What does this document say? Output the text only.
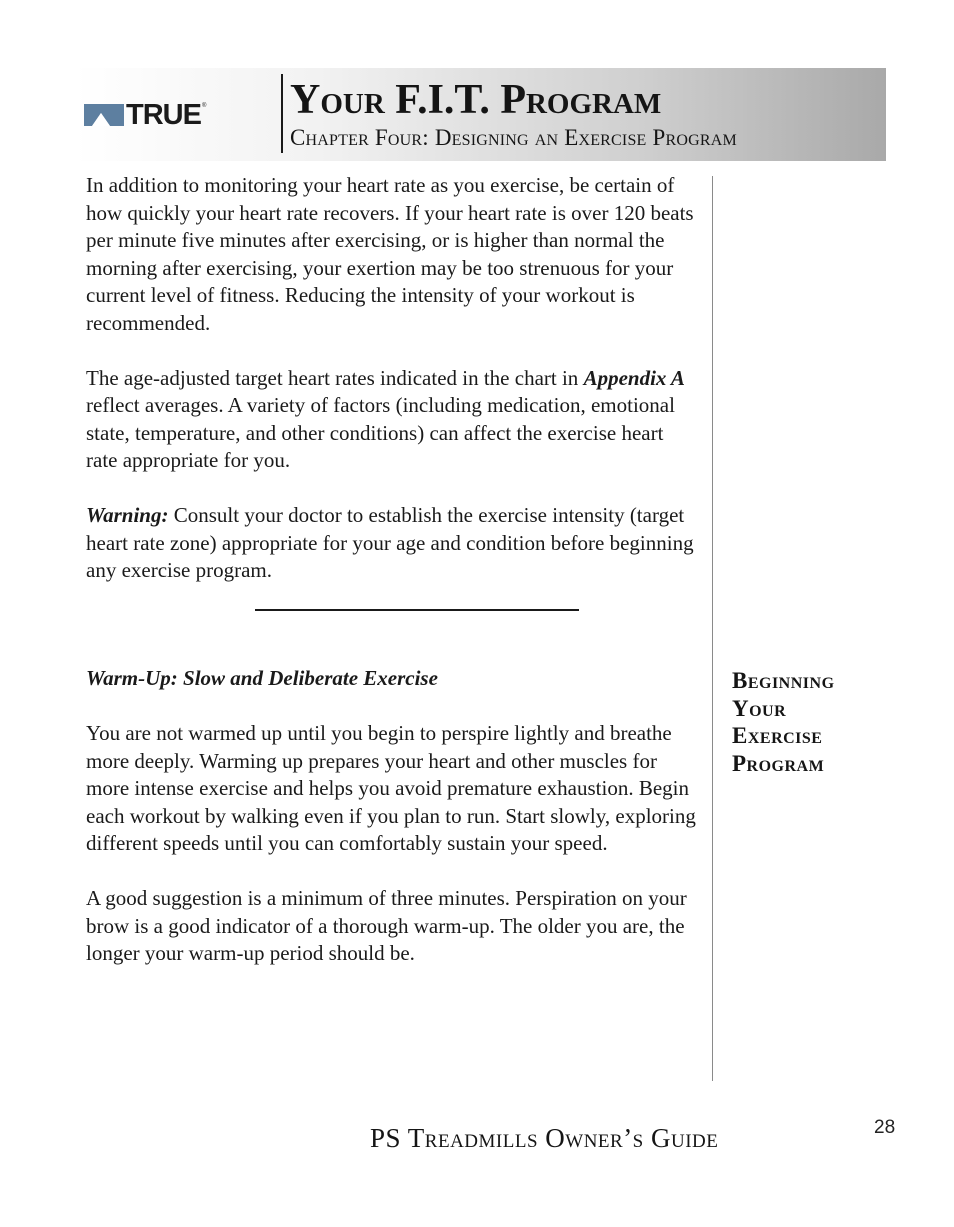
TRUE ® Your F.I.T. Program
Chapter Four: Designing an Exercise Program

In addition to monitoring your heart rate as you exercise, be certain of how quickly your heart rate recovers. If your heart rate is over 120 beats per minute five minutes after exercising, or is higher than normal the morning after exercising, your exertion may be too strenuous for your current level of fitness. Reducing the intensity of your workout is recommended.

The age-adjusted target heart rates indicated in the chart in Appendix A reflect averages. A variety of factors (including medication, emotional state, temperature, and other conditions) can affect the exercise heart rate appropriate for you.

Warning: Consult your doctor to establish the exercise intensity (target heart rate zone) appropriate for your age and condition before beginning any exercise program.

Warm-Up: Slow and Deliberate Exercise

You are not warmed up until you begin to perspire lightly and breathe more deeply. Warming up prepares your heart and other muscles for more intense exercise and helps you avoid premature exhaustion. Begin each workout by walking even if you plan to run. Start slowly, exploring different speeds until you can comfortably sustain your speed.

A good suggestion is a minimum of three minutes. Perspiration on your brow is a good indicator of a thorough warm-up. The older you are, the longer your warm-up period should be.

Beginning
Your
Exercise
Program
PS Treadmills Owner’s Guide	28
